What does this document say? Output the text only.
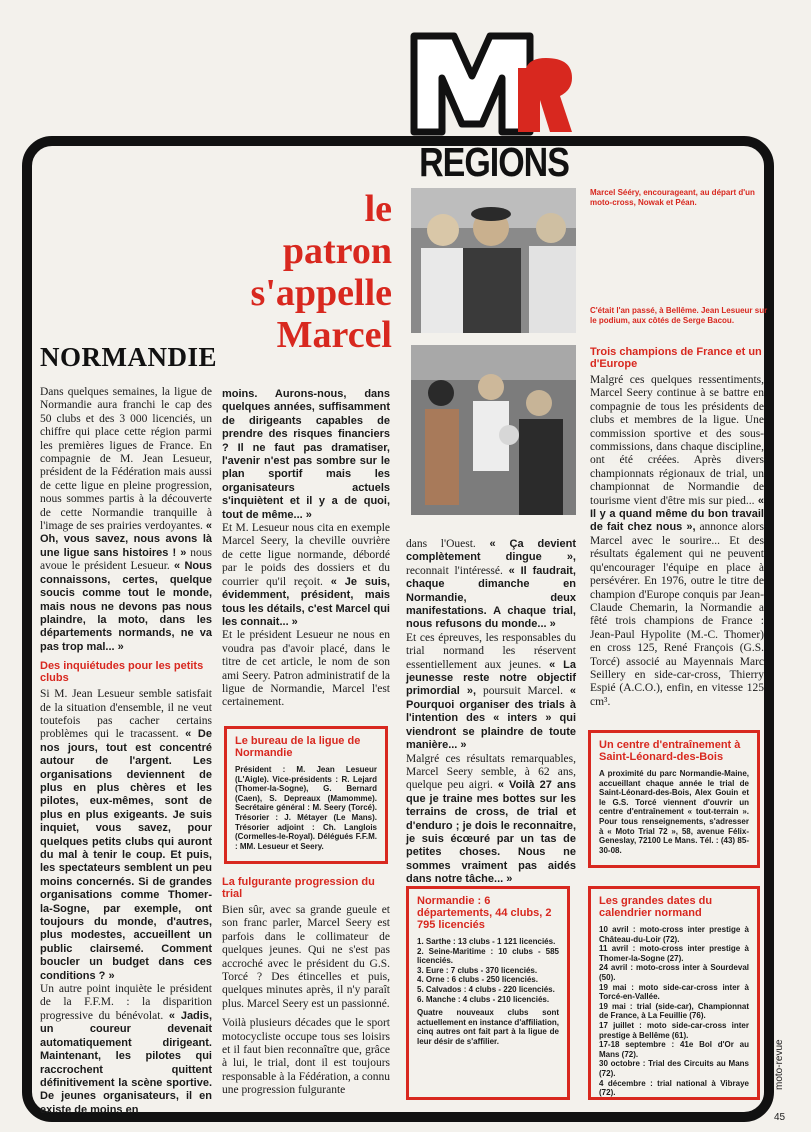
RÉGIONS
le
patron
s'appelle
Marcel
NORMANDIE

Dans quelques semaines, la ligue de Normandie aura franchi le cap des 50 clubs et des 3 000 licenciés, un chiffre qui place cette région parmi les premières ligues de France. En compagnie de M. Jean Lesueur, président de la Fédération mais aussi de cette ligue en pleine progression, nous sommes partis à la découverte de cette Normandie tranquille à l'image de ses prairies verdoyantes. « Oh, vous savez, nous avons là une ligue sans histoires ! » nous avoue le président Lesueur. « Nous connaissons, certes, quelque soucis comme tout le monde, mais nous ne devons pas nous plaindre, la moto, dans les départements normands, ne va pas trop mal... »

Des inquiétudes pour les petits clubs

Si M. Jean Lesueur semble satisfait de la situation d'ensemble, il ne veut toutefois pas cacher certains problèmes qui le tracassent. « De nos jours, tout est concentré autour de l'argent. Les organisations deviennent de plus en plus chères et les pilotes, eux-mêmes, sont de plus en plus exigeants. Je suis inquiet, vous savez, pour quelques petits clubs qui auront du mal à tenir le coup. Et puis, les spectateurs semblent un peu moins concernés. Si de grandes organisations comme Thomer-la-Sogne, par exemple, ont toujours du monde, d'autres, plus modestes, accueillent un public clairsemé. Comment boucler un budget dans ces conditions ? »

Un autre point inquiète le président de la F.F.M. : la disparition progressive du bénévolat. « Jadis, un coureur devenait automatiquement dirigeant. Maintenant, les pilotes qui raccrochent quittent définitivement la scène sportive. De jeunes organisateurs, il en existe de moins en

moins. Aurons-nous, dans quelques années, suffisamment de dirigeants capables de prendre des risques financiers ? Il ne faut pas dramatiser, l'avenir n'est pas sombre sur le plan sportif mais les organisateurs actuels s'inquiètent et il y a de quoi, tout de même... »

Et M. Lesueur nous cita en exemple Marcel Seery, la cheville ouvrière de cette ligue normande, débordé par le poids des dossiers et du courrier qu'il reçoit. « Je suis, évidemment, président, mais tous les détails, c'est Marcel qui les connait... »

Et le président Lesueur ne nous en voudra pas d'avoir placé, dans le titre de cet article, le nom de son ami Seery. Patron administratif de la ligue de Normandie, Marcel l'est certainement.

Le bureau de la ligue de Normandie
Président : M. Jean Lesueur (L'Aigle). Vice-présidents : R. Lejard (Thomer-la-Sogne), G. Bernard (Caen), S. Depreaux (Mamomme). Secrétaire général : M. Seery (Torcé). Trésorier : J. Métayer (Le Mans). Trésorier adjoint : Ch. Langlois (Cormelles-le-Royal). Délégués F.F.M. : MM. Lesueur et Seery.
La fulgurante progression du trial

Bien sûr, avec sa grande gueule et son franc parler, Marcel Seery est parfois dans le collimateur de quelques jeunes. Qui ne s'est pas accroché avec le président du G.S. Torcé ? Des étincelles et puis, quelques minutes après, il n'y paraît plus. Marcel Seery est un passionné.

Voilà plusieurs décades que le sport motocycliste occupe tous ses loisirs et il faut bien reconnaître que, grâce à lui, le trial, dont il est toujours responsable à la Fédération, a connu une progression fulgurante

Marcel Sééry, encourageant, au départ d'un moto-cross, Nowak et Péan.
C'était l'an passé, à Bellême. Jean Lesueur sur le podium, aux côtés de Serge Bacou.

dans l'Ouest. « Ça devient complètement dingue », reconnait l'intéressé. « Il faudrait, chaque dimanche en Normandie, deux manifestations. A chaque trial, nous refusons du monde... »

Et ces épreuves, les responsables du trial normand les réservent essentiellement aux jeunes. « La jeunesse reste notre objectif primordial », poursuit Marcel. « Pourquoi organiser des trials à l'intention des « inters » qui viendront se plaindre de toute manière... »

Malgré ces résultats remarquables, Marcel Seery semble, à 62 ans, quelque peu aigri. « Voilà 27 ans que je traine mes bottes sur les terrains de cross, de trial et d'enduro ; je dois le reconnaitre, je suis écœuré par un tas de petites choses. Nous ne sommes vraiment pas aidés dans notre tâche... »

Normandie : 6 départements, 44 clubs, 2 795 licenciés
1. Sarthe : 13 clubs - 1 121 licenciés.
2. Seine-Maritime : 10 clubs - 585 licenciés.
3. Eure : 7 clubs - 370 licenciés.
4. Orne : 6 clubs - 250 licenciés.
5. Calvados : 4 clubs - 220 licenciés.
6. Manche : 4 clubs - 210 licenciés.
Quatre nouveaux clubs sont actuellement en instance d'affiliation, cinq autres ont fait part à la ligue de leur désir de s'affilier.
Trois champions de France et un d'Europe

Malgré ces quelques ressentiments, Marcel Seery continue à se battre en compagnie de tous les présidents de clubs et membres de la ligue. Une commission sportive et des sous-commissions, dans chaque discipline, ont été créées. Après divers championnats régionaux de trial, un championnat de Normandie de tourisme vient d'être mis sur pied... « Il y a quand même du bon travail de fait chez nous », annonce alors Marcel avec le sourire... Et des résultats également qui ne peuvent qu'encourager l'équipe en place à persévérer. En 1976, outre le titre de champion d'Europe conquis par Jean-Claude Chemarin, la Normandie a fêté trois champions de France : Jean-Paul Hypolite (M.-C. Thomer) en cross 125, René François (G.S. Torcé) associé au Mayennais Marc Seillery en side-car-cross, Thierry Espié (A.C.O.), enfin, en vitesse 125 cm³.

Un centre d'entraînement à Saint-Léonard-des-Bois
A proximité du parc Normandie-Maine, accueillant chaque année le trial de Saint-Léonard-des-Bois, Alex Gouin et le G.S. Torcé viennent d'ouvrir un centre d'entraînement « tout-terrain ». Pour tous renseignements, s'adresser à « Moto Trial 72 », 58, avenue Félix-Geneslay, 72100 Le Mans. Tél. : (43) 85-30-08.
Les grandes dates du calendrier normand
10 avril : moto-cross inter prestige à Château-du-Loir (72).
11 avril : moto-cross inter prestige à Thomer-la-Sogne (27).
24 avril : moto-cross inter à Sourdeval (50).
19 mai : moto side-car-cross inter à Torcé-en-Vallée.
19 mai : trial (side-car), Championnat de France, à La Feuillie (76).
17 juillet : moto side-car-cross inter prestige à Bellême (61).
17-18 septembre : 41e Bol d'Or au Mans (72).
30 octobre : Trial des Circuits au Mans (72).
4 décembre : trial national à Vibraye (72).
moto-revue
45
